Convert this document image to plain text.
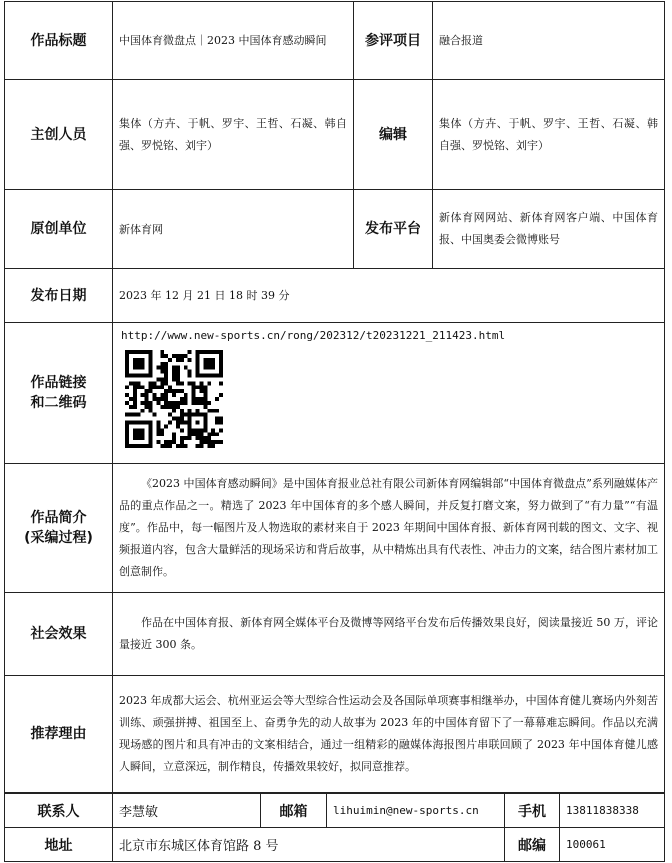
作品标题	中国体育微盘点｜2023 中国体育感动瞬间	参评项目	融合报道
主创人员	集体（方卉、于帆、罗宇、王哲、石凝、韩自强、罗悦铭、刘宇）	编辑	集体（方卉、于帆、罗宇、王哲、石凝、韩自强、罗悦铭、刘宇）
原创单位	新体育网	发布平台	新体育网网站、新体育网客户端、中国体育报、中国奥委会微博账号
发布日期	2023 年 12 月 21 日 18 时 39 分		

作品链接
和二维码	http://www.new-sports.cn/rong/202312/t20231221_211423.html		

作品简介
(采编过程)	《2023 中国体育感动瞬间》是中国体育报业总社有限公司新体育网编辑部“中国体育微盘点”系列融媒体产品的重点作品之一。精选了 2023 年中国体育的多个感人瞬间，并反复打磨文案，努力做到了“有力量”“有温度”。作品中，每一幅图片及人物选取的素材来自于 2023 年期间中国体育报、新体育网刊载的图文、文字、视频报道内容，包含大量鲜活的现场采访和背后故事，从中精炼出具有代表性、冲击力的文案，结合图片素材加工创意制作。		
社会效果	作品在中国体育报、新体育网全媒体平台及微博等网络平台发布后传播效果良好，阅读量接近 50 万，评论量接近 300 条。		
推荐理由	2023 年成都大运会、杭州亚运会等大型综合性运动会及各国际单项赛事相继举办，中国体育健儿赛场内外刻苦训练、顽强拼搏、祖国至上、奋勇争先的动人故事为 2023 年的中国体育留下了一幕幕难忘瞬间。作品以充满现场感的图片和具有冲击的文案相结合，通过一组精彩的融媒体海报图片串联回顾了 2023 年中国体育健儿感人瞬间，立意深远，制作精良，传播效果较好，拟同意推荐。		
联系人	李慧敏	邮箱	lihuimin@new-sports.cn	手机	13811838338
地址	北京市东城区体育馆路 8 号			邮编	100061
